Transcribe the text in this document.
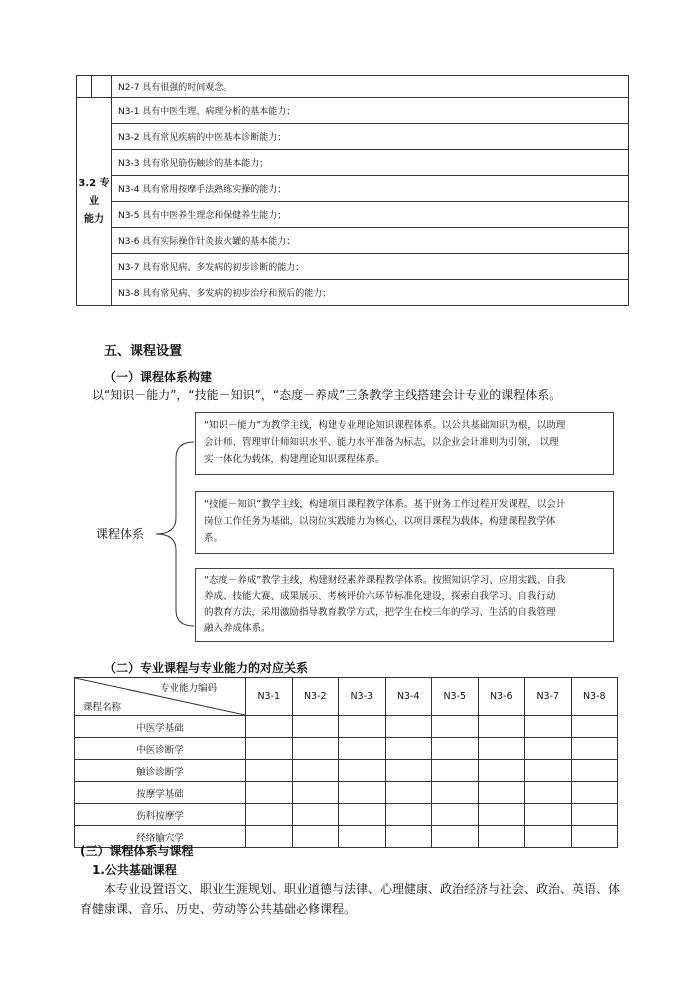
		N2-7 具有很强的时间观念。
3.2 专业
能力		N3-1 具有中医生理、病理分析的基本能力；
		N3-2 具有常见疾病的中医基本诊断能力；
		N3-3 具有常见筋伤触诊的基本能力；
		N3-4 具有常用按摩手法熟练实操的能力；
		N3-5 具有中医养生理念和保健养生能力；
		N3-6 具有实际操作针灸拔火罐的基本能力；
		N3-7 具有常见病、多发病的初步诊断的能力；
		N3-8 具有常见病、多发病的初步治疗和预后的能力；
五、课程设置
（一）课程体系构建
以“知识－能力”，“技能－知识”，“态度－养成”三条教学主线搭建会计专业的课程体系。
课程体系
“知识－能力”为教学主线，构建专业理论知识课程体系。以公共基础知识为根，以助理
会计师、管理审计师知识水平、能力水平准备为标志，以企业会计准则为引领， 以理
实一体化为载体，构建理论知识课程体系。
“技能－知识”教学主线，构建项目课程教学体系。基于财务工作过程开发课程，以会计
岗位工作任务为基础，以岗位实践能力为核心，以项目课程为载体，构建课程教学体
系。
“态度－养成”教学主线，构建财经素养课程教学体系。按照知识学习、应用实践、自我
养成、技能大赛、成果展示、考核评价六环节标准化建设，探索自我学习、自我行动
的教育方法，采用激励指导教育教学方式，把学生在校三年的学习、生活的自我管理
融入养成体系。
（二）专业课程与专业能力的对应关系
专业能力编码
课程名称	N3-1	N3-2	N3-3	N3-4	N3-5	N3-6	N3-7	N3-8
中医学基础								
中医诊断学								
触诊诊断学								
按摩学基础								
伤科按摩学								
经络腧穴学								
(三）课程体系与课程
1.公共基础课程
本专业设置语文、职业生涯规划、职业道德与法律、心理健康、政治经济与社会、政治、英语、体
育健康课、音乐、历史、劳动等公共基础必修课程。
